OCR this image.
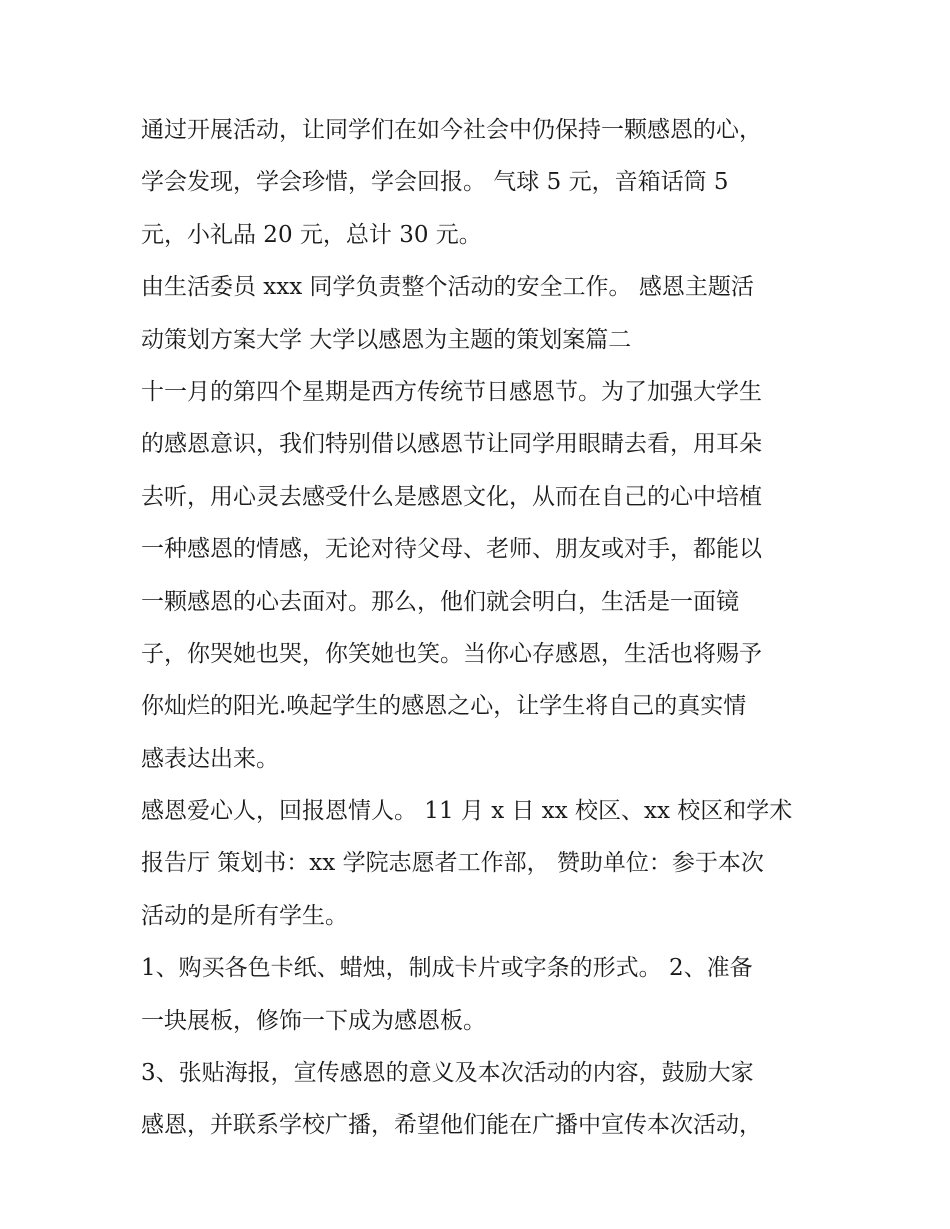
通过开展活动，让同学们在如今社会中仍保持一颗感恩的心，
学会发现，学会珍惜，学会回报。 气球 5 元，音箱话筒 5
元，小礼品 20 元，总计 30 元。
由生活委员 xxx 同学负责整个活动的安全工作。 感恩主题活
动策划方案大学 大学以感恩为主题的策划案篇二
十一月的第四个星期是西方传统节日感恩节。为了加强大学生
的感恩意识，我们特别借以感恩节让同学用眼睛去看，用耳朵
去听，用心灵去感受什么是感恩文化，从而在自己的心中培植
一种感恩的情感，无论对待父母、老师、朋友或对手，都能以
一颗感恩的心去面对。那么，他们就会明白，生活是一面镜
子，你哭她也哭，你笑她也笑。当你心存感恩，生活也将赐予
你灿烂的阳光.唤起学生的感恩之心，让学生将自己的真实情
感表达出来。
感恩爱心人，回报恩情人。 11 月 x 日 xx 校区、xx 校区和学术
报告厅 策划书：xx 学院志愿者工作部， 赞助单位：参于本次
活动的是所有学生。
1、购买各色卡纸、蜡烛，制成卡片或字条的形式。 2、准备
一块展板，修饰一下成为感恩板。
3、张贴海报，宣传感恩的意义及本次活动的内容，鼓励大家
感恩，并联系学校广播，希望他们能在广播中宣传本次活动，
